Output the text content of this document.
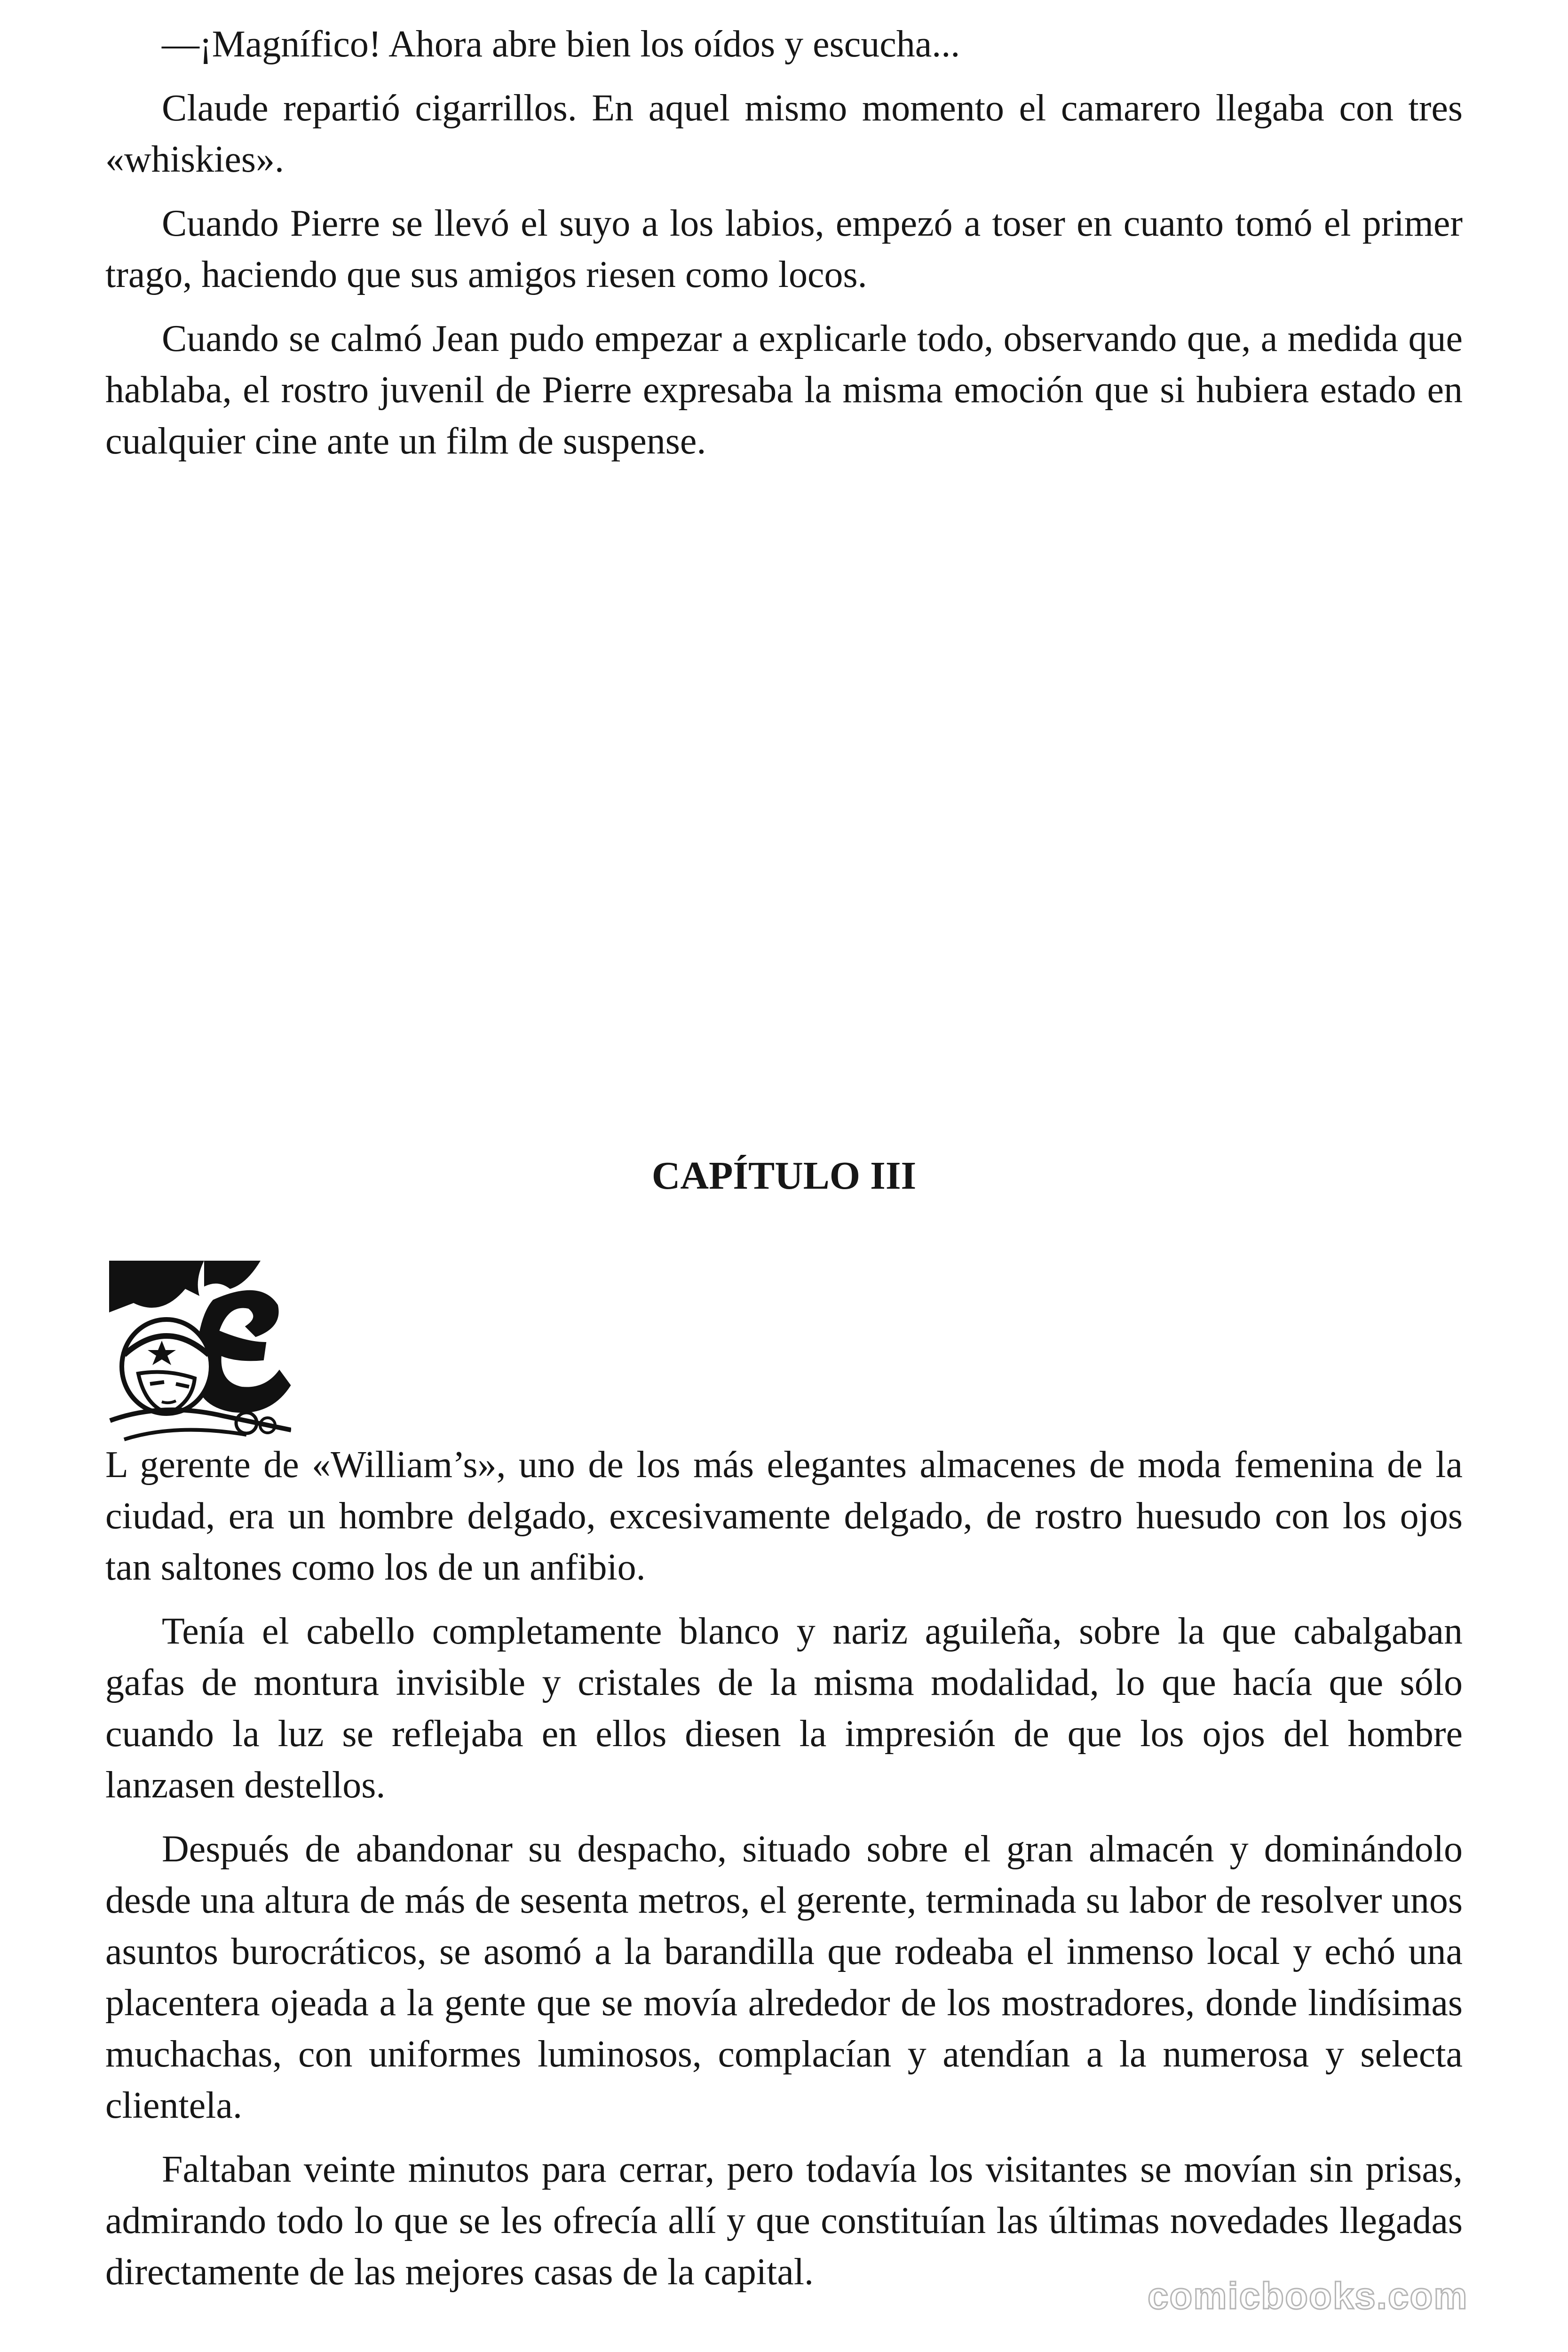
—¡Magnífico! Ahora abre bien los oídos y escucha...

Claude repartió cigarrillos. En aquel mismo momento el camarero llegaba con tres «whiskies».

Cuando Pierre se llevó el suyo a los labios, empezó a toser en cuanto tomó el primer trago, haciendo que sus amigos riesen como locos.

Cuando se calmó Jean pudo empezar a explicarle todo, observando que, a medida que hablaba, el rostro juvenil de Pierre expresaba la misma emoción que si hubiera estado en cualquier cine ante un film de suspense.

CAPÍTULO III

L gerente de «William’s», uno de los más elegantes almacenes de moda femenina de la ciudad, era un hombre delgado, excesivamente delgado, de rostro huesudo con los ojos tan saltones como los de un anfibio.

Tenía el cabello completamente blanco y nariz aguileña, sobre la que cabalgaban gafas de montura invisible y cristales de la misma modalidad, lo que hacía que sólo cuando la luz se reflejaba en ellos diesen la impresión de que los ojos del hombre lanzasen destellos.

Después de abandonar su despacho, situado sobre el gran almacén y dominándolo desde una altura de más de sesenta metros, el gerente, terminada su labor de resolver unos asuntos burocráticos, se asomó a la barandilla que rodeaba el inmenso local y echó una placentera ojeada a la gente que se movía alrededor de los mostradores, donde lindísimas muchachas, con uniformes luminosos, complacían y atendían a la numerosa y selecta clientela.

Faltaban veinte minutos para cerrar, pero todavía los visitantes se movían sin prisas, admirando todo lo que se les ofrecía allí y que constituían las últimas novedades llegadas directamente de las mejores casas de la capital.

comicbooks.com
